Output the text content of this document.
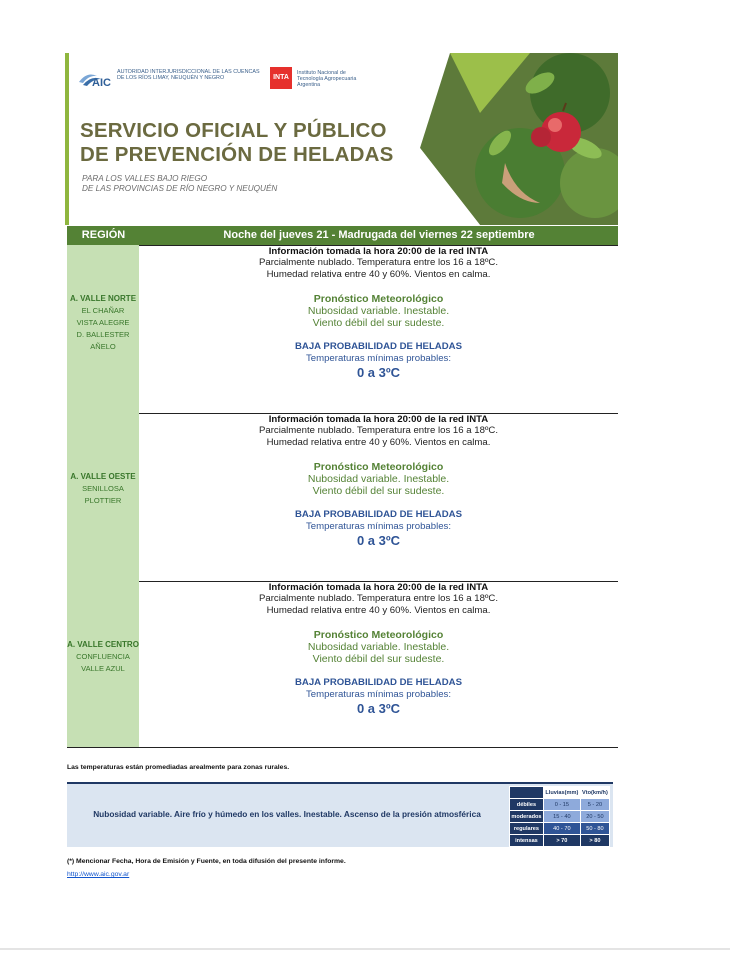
AIC
AUTORIDAD INTERJURISDICCIONAL DE LAS CUENCAS DE LOS RÍOS LIMAY, NEUQUÉN Y NEGRO	INTA
Instituto Nacional de
Tecnología Agropecuaria
Argentina
SERVICIO OFICIAL Y PÚBLICO
DE PREVENCIÓN DE HELADAS
PARA LOS VALLES BAJO RIEGO
DE LAS PROVINCIAS DE RÍO NEGRO Y NEUQUÉN
REGIÓN	Noche del jueves 21 - Madrugada del viernes 22 septiembre
A. VALLE NORTE
EL CHAÑAR
VISTA ALEGRE
D. BALLESTER
AÑELO
Información tomada la hora 20:00 de la red INTA
Parcialmente nublado. Temperatura entre los 16 a 18ºC.
Humedad relativa entre 40 y 60%. Vientos en calma.
Pronóstico Meteorológico
Nubosidad variable. Inestable.
Viento débil del sur sudeste.
BAJA PROBABILIDAD DE HELADAS
Temperaturas mínimas probables:
0 a 3ºC
A. VALLE OESTE
SENILLOSA
PLOTTIER
Información tomada la hora 20:00 de la red INTA
Parcialmente nublado. Temperatura entre los 16 a 18ºC.
Humedad relativa entre 40 y 60%. Vientos en calma.
Pronóstico Meteorológico
Nubosidad variable. Inestable.
Viento débil del sur sudeste.
BAJA PROBABILIDAD DE HELADAS
Temperaturas mínimas probables:
0 a 3ºC
A. VALLE CENTRO
CONFLUENCIA
VALLE AZUL
Información tomada la hora 20:00 de la red INTA
Parcialmente nublado. Temperatura entre los 16 a 18ºC.
Humedad relativa entre 40 y 60%. Vientos en calma.
Pronóstico Meteorológico
Nubosidad variable. Inestable.
Viento débil del sur sudeste.
BAJA PROBABILIDAD DE HELADAS
Temperaturas mínimas probables:
0 a 3ºC
Las temperaturas están promediadas arealmente para zonas rurales.
Nubosidad variable. Aire frío y húmedo en los valles. Inestable. Ascenso de la presión atmosférica
	Lluvias(mm)	Vto(km/h)
débiles	0 - 15	5 - 20
moderados	15 - 40	20 - 50
regulares	40 - 70	50 - 80
intensas	> 70	> 80
(*) Mencionar Fecha, Hora de Emisión y Fuente, en toda difusión del presente informe.
http://www.aic.gov.ar
